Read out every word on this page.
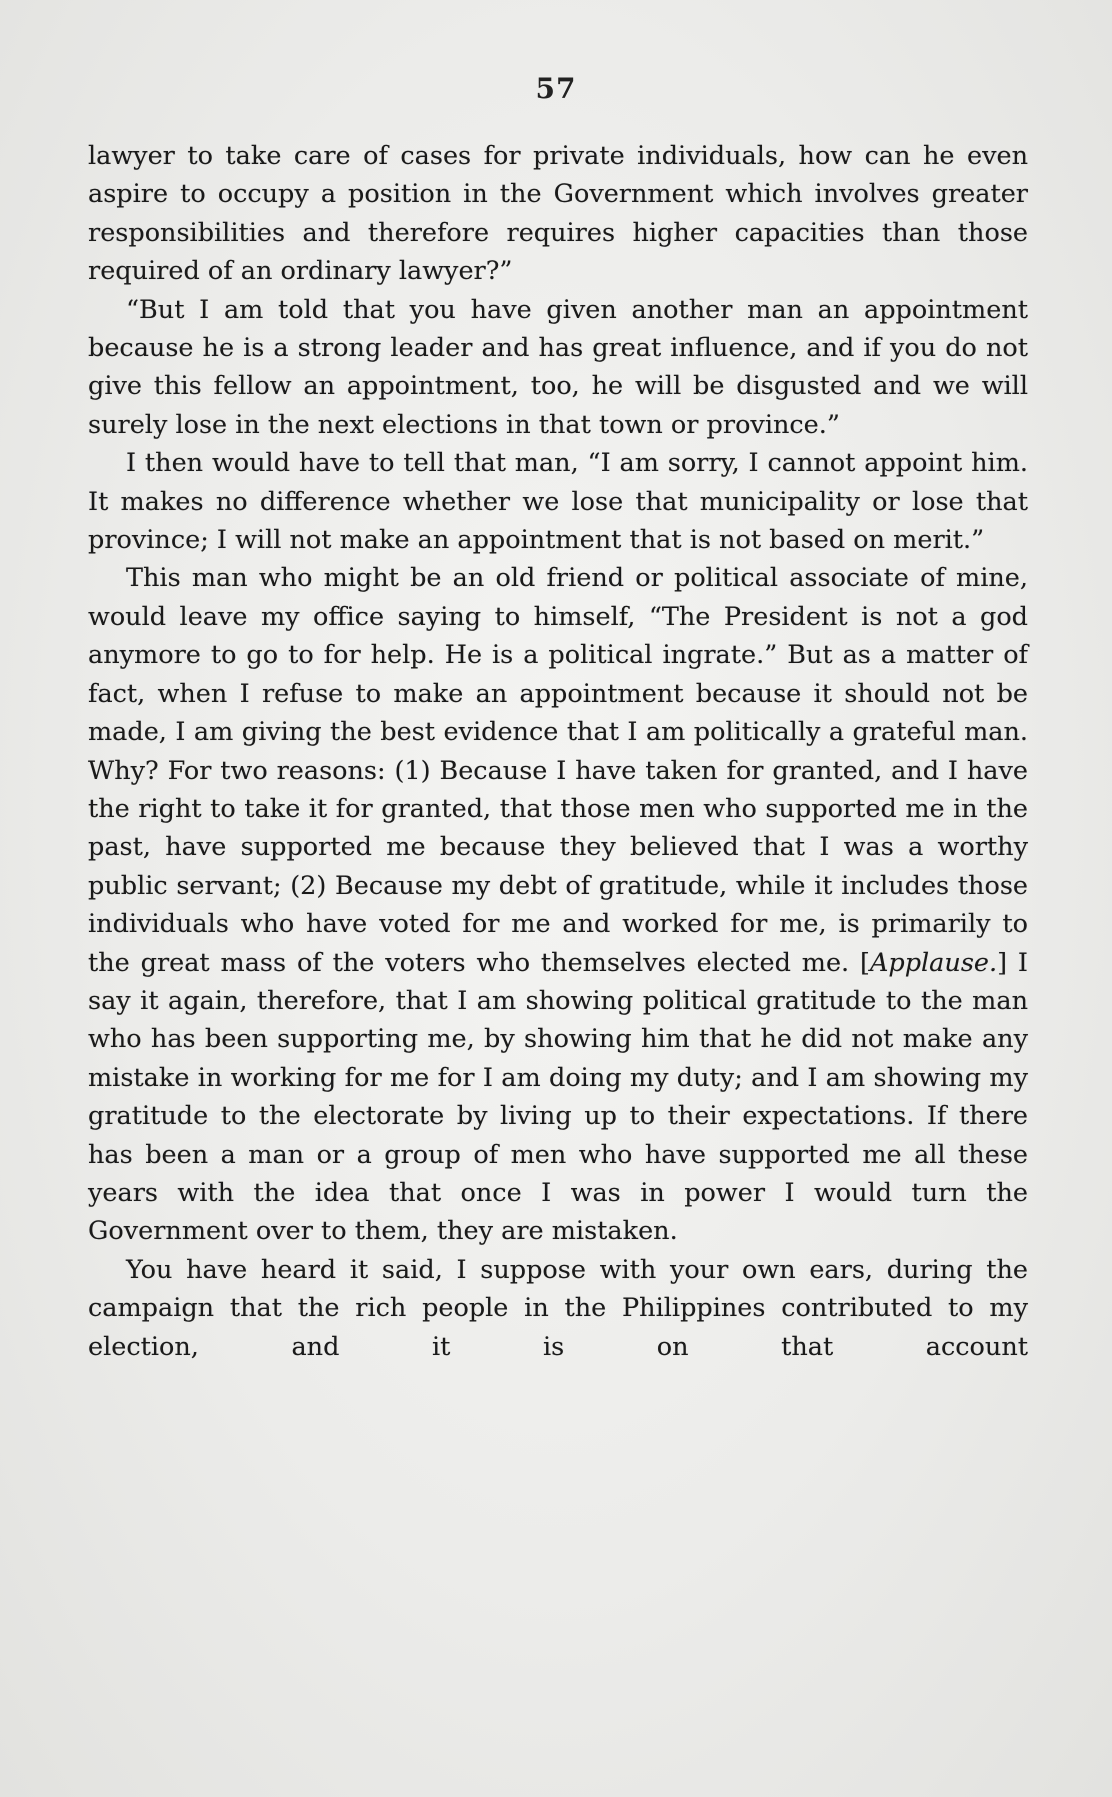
57

lawyer to take care of cases for private individuals, how can he even aspire to occupy a position in the Government which involves greater responsibilities and therefore requires higher capacities than those required of an ordinary lawyer?”

“But I am told that you have given another man an appointment because he is a strong leader and has great influence, and if you do not give this fellow an appointment, too, he will be disgusted and we will surely lose in the next elections in that town or province.”

I then would have to tell that man, “I am sorry, I cannot appoint him. It makes no difference whether we lose that municipality or lose that province; I will not make an appointment that is not based on merit.”

This man who might be an old friend or political associate of mine, would leave my office saying to himself, “The President is not a god anymore to go to for help. He is a political ingrate.” But as a matter of fact, when I refuse to make an appointment because it should not be made, I am giving the best evidence that I am politically a grateful man. Why? For two reasons: (1) Because I have taken for granted, and I have the right to take it for granted, that those men who supported me in the past, have supported me because they believed that I was a worthy public servant; (2) Because my debt of gratitude, while it includes those individuals who have voted for me and worked for me, is primarily to the great mass of the voters who themselves elected me. [Applause.] I say it again, therefore, that I am showing political gratitude to the man who has been supporting me, by showing him that he did not make any mistake in working for me for I am doing my duty; and I am showing my gratitude to the electorate by living up to their expectations. If there has been a man or a group of men who have supported me all these years with the idea that once I was in power I would turn the Government over to them, they are mistaken.

You have heard it said, I suppose with your own ears, during the campaign that the rich people in the Philippines contributed to my election, and it is on that account
